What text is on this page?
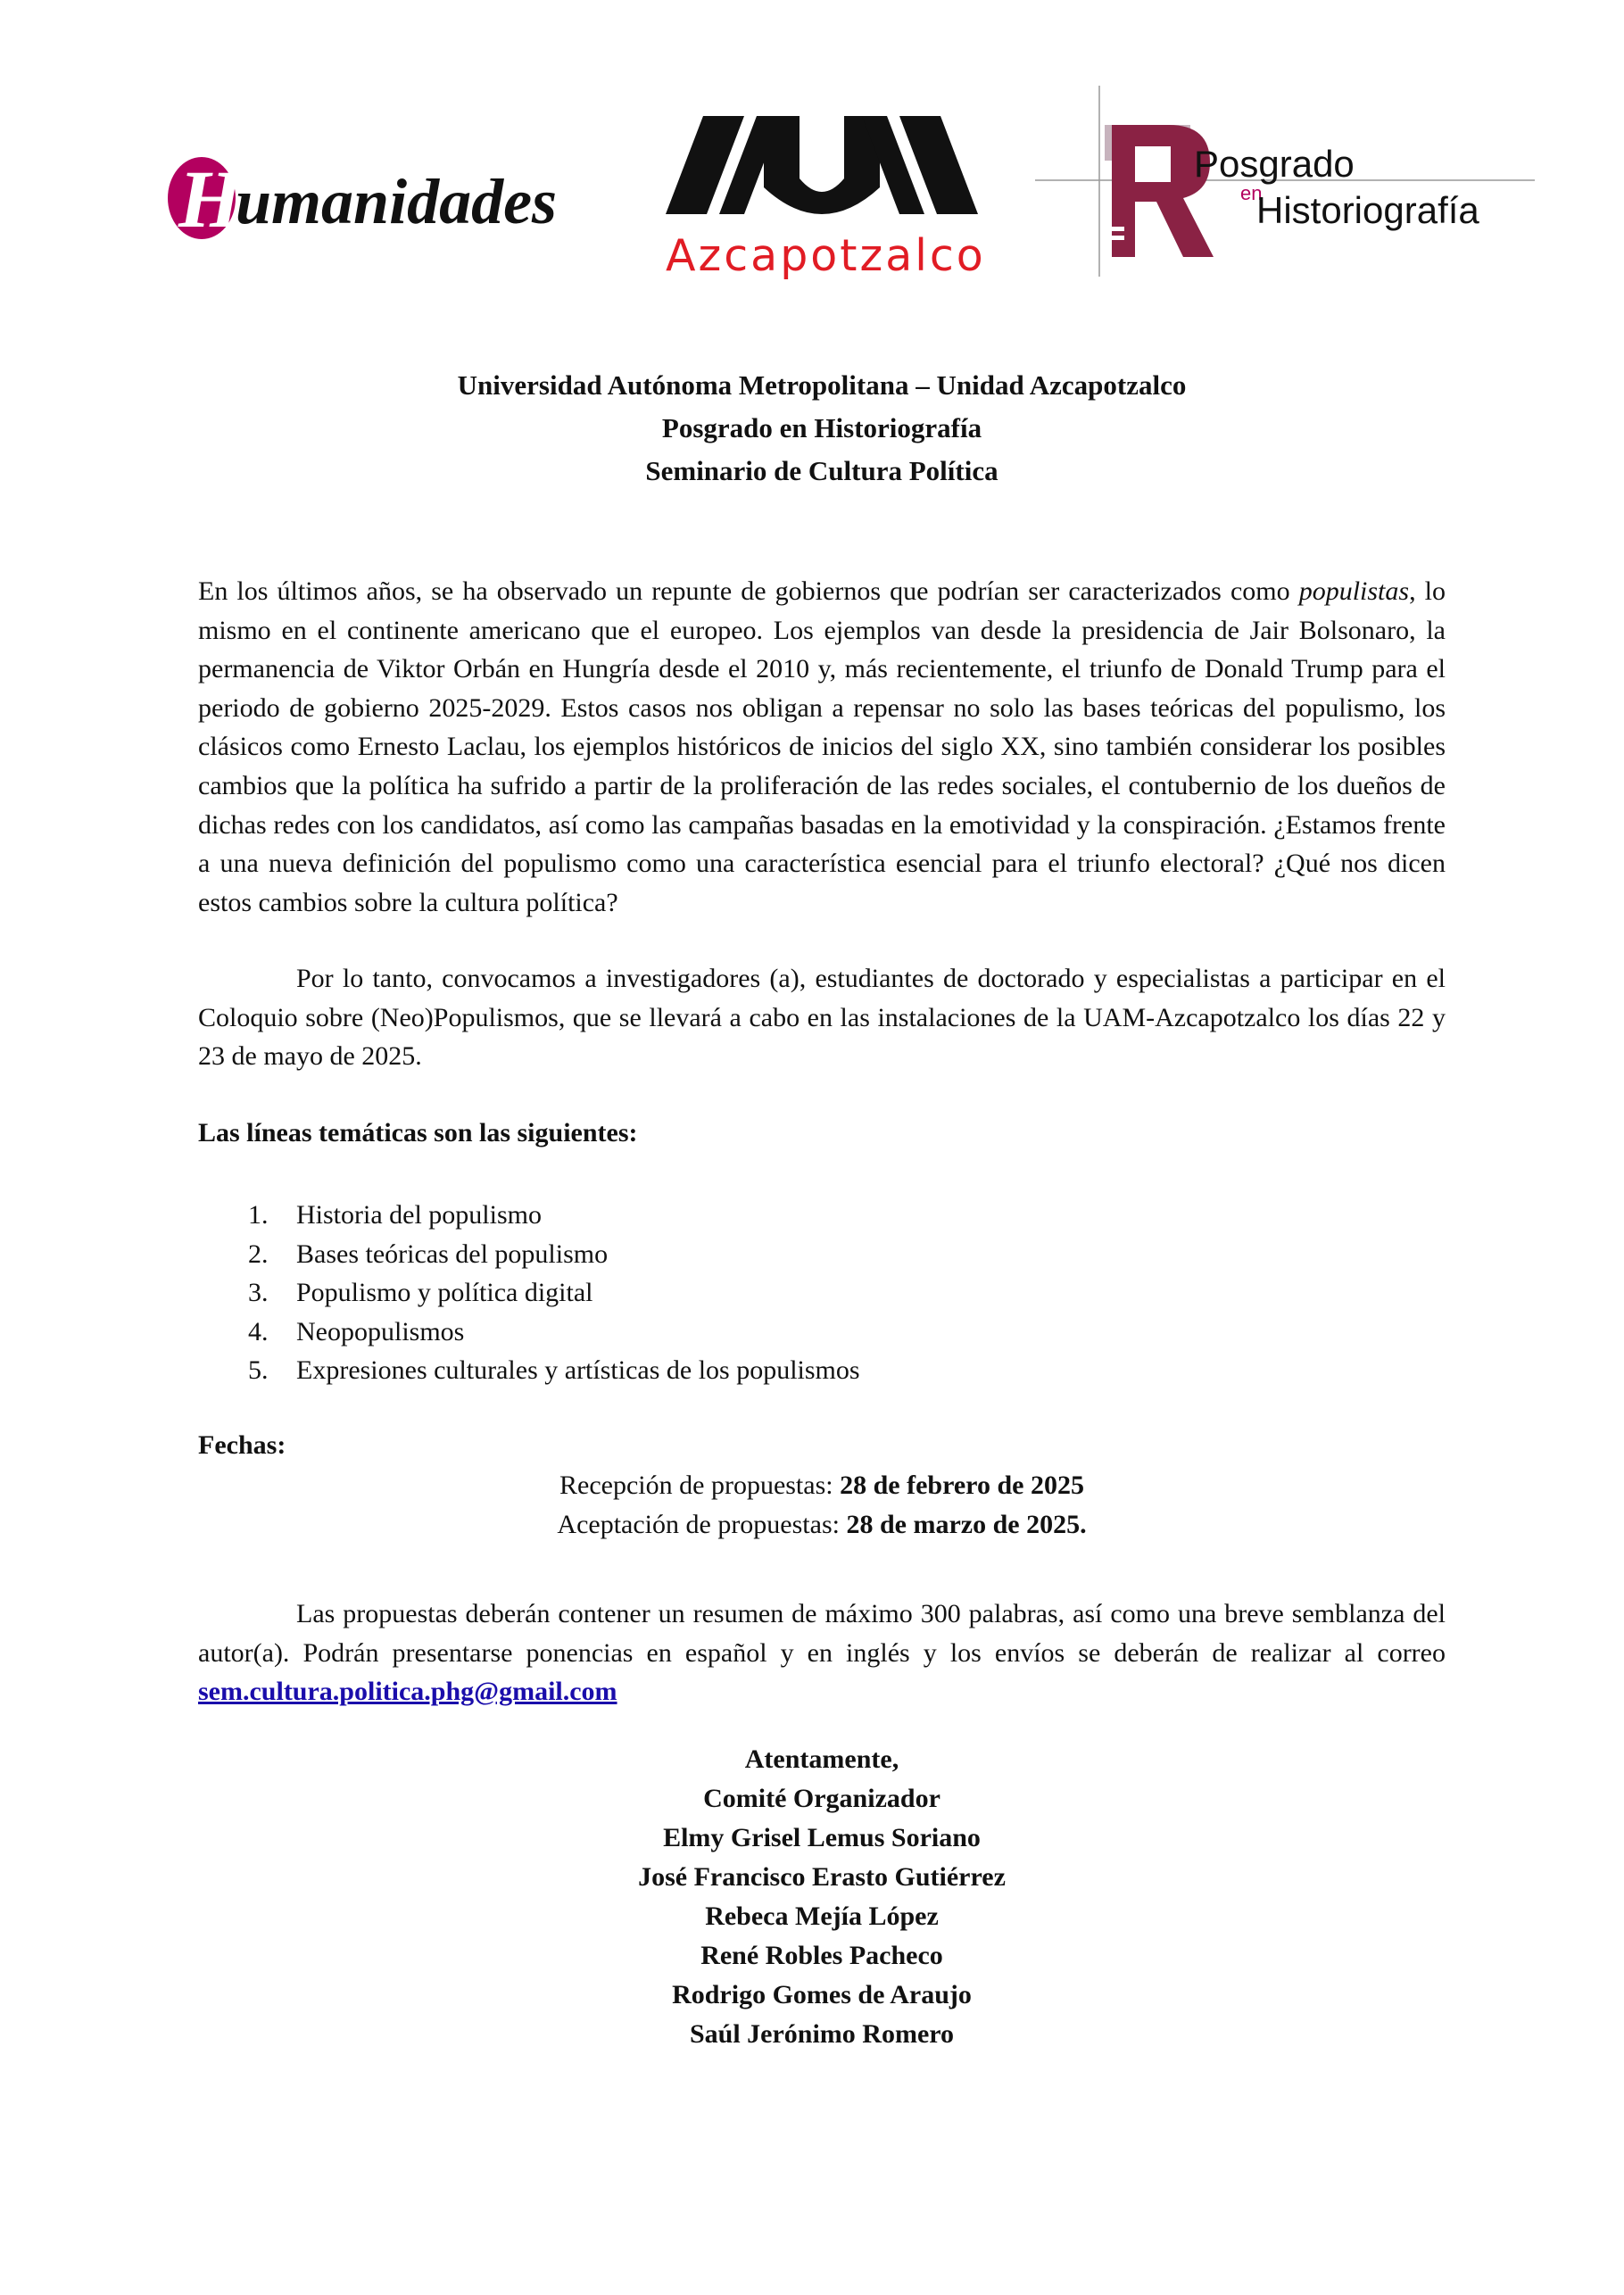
H
umanidades
Azcapotzalco
Posgrado
en
Historiografía
Universidad Autónoma Metropolitana – Unidad Azcapotzalco
Posgrado en Historiografía
Seminario de Cultura Política

En los últimos años, se ha observado un repunte de gobiernos que podrían ser caracterizados como populistas, lo mismo en el continente americano que el europeo. Los ejemplos van desde la presidencia de Jair Bolsonaro, la permanencia de Viktor Orbán en Hungría desde el 2010 y, más recientemente, el triunfo de Donald Trump para el periodo de gobierno 2025-2029. Estos casos nos obligan a repensar no solo las bases teóricas del populismo, los clásicos como Ernesto Laclau, los ejemplos históricos de inicios del siglo XX, sino también considerar los posibles cambios que la política ha sufrido a partir de la proliferación de las redes sociales, el contubernio de los dueños de dichas redes con los candidatos, así como las campañas basadas en la emotividad y la conspiración. ¿Estamos frente a una nueva definición del populismo como una característica esencial para el triunfo electoral? ¿Qué nos dicen estos cambios sobre la cultura política?

Por lo tanto, convocamos a investigadores (a), estudiantes de doctorado y especialistas a participar en el Coloquio sobre (Neo)Populismos, que se llevará a cabo en las instalaciones de la UAM-Azcapotzalco los días 22 y 23 de mayo de 2025.

Las líneas temáticas son las siguientes:

1. Historia del populismo
2. Bases teóricas del populismo
3. Populismo y política digital
4. Neopopulismos
5. Expresiones culturales y artísticas de los populismos

Fechas:

Recepción de propuestas: 28 de febrero de 2025
Aceptación de propuestas: 28 de marzo de 2025.

Las propuestas deberán contener un resumen de máximo 300 palabras, así como una breve semblanza del autor(a). Podrán presentarse ponencias en español y en inglés y los envíos se deberán de realizar al correo sem.cultura.politica.phg@gmail.com

Atentamente,
Comité Organizador
Elmy Grisel Lemus Soriano
José Francisco Erasto Gutiérrez
Rebeca Mejía López
René Robles Pacheco
Rodrigo Gomes de Araujo
Saúl Jerónimo Romero
